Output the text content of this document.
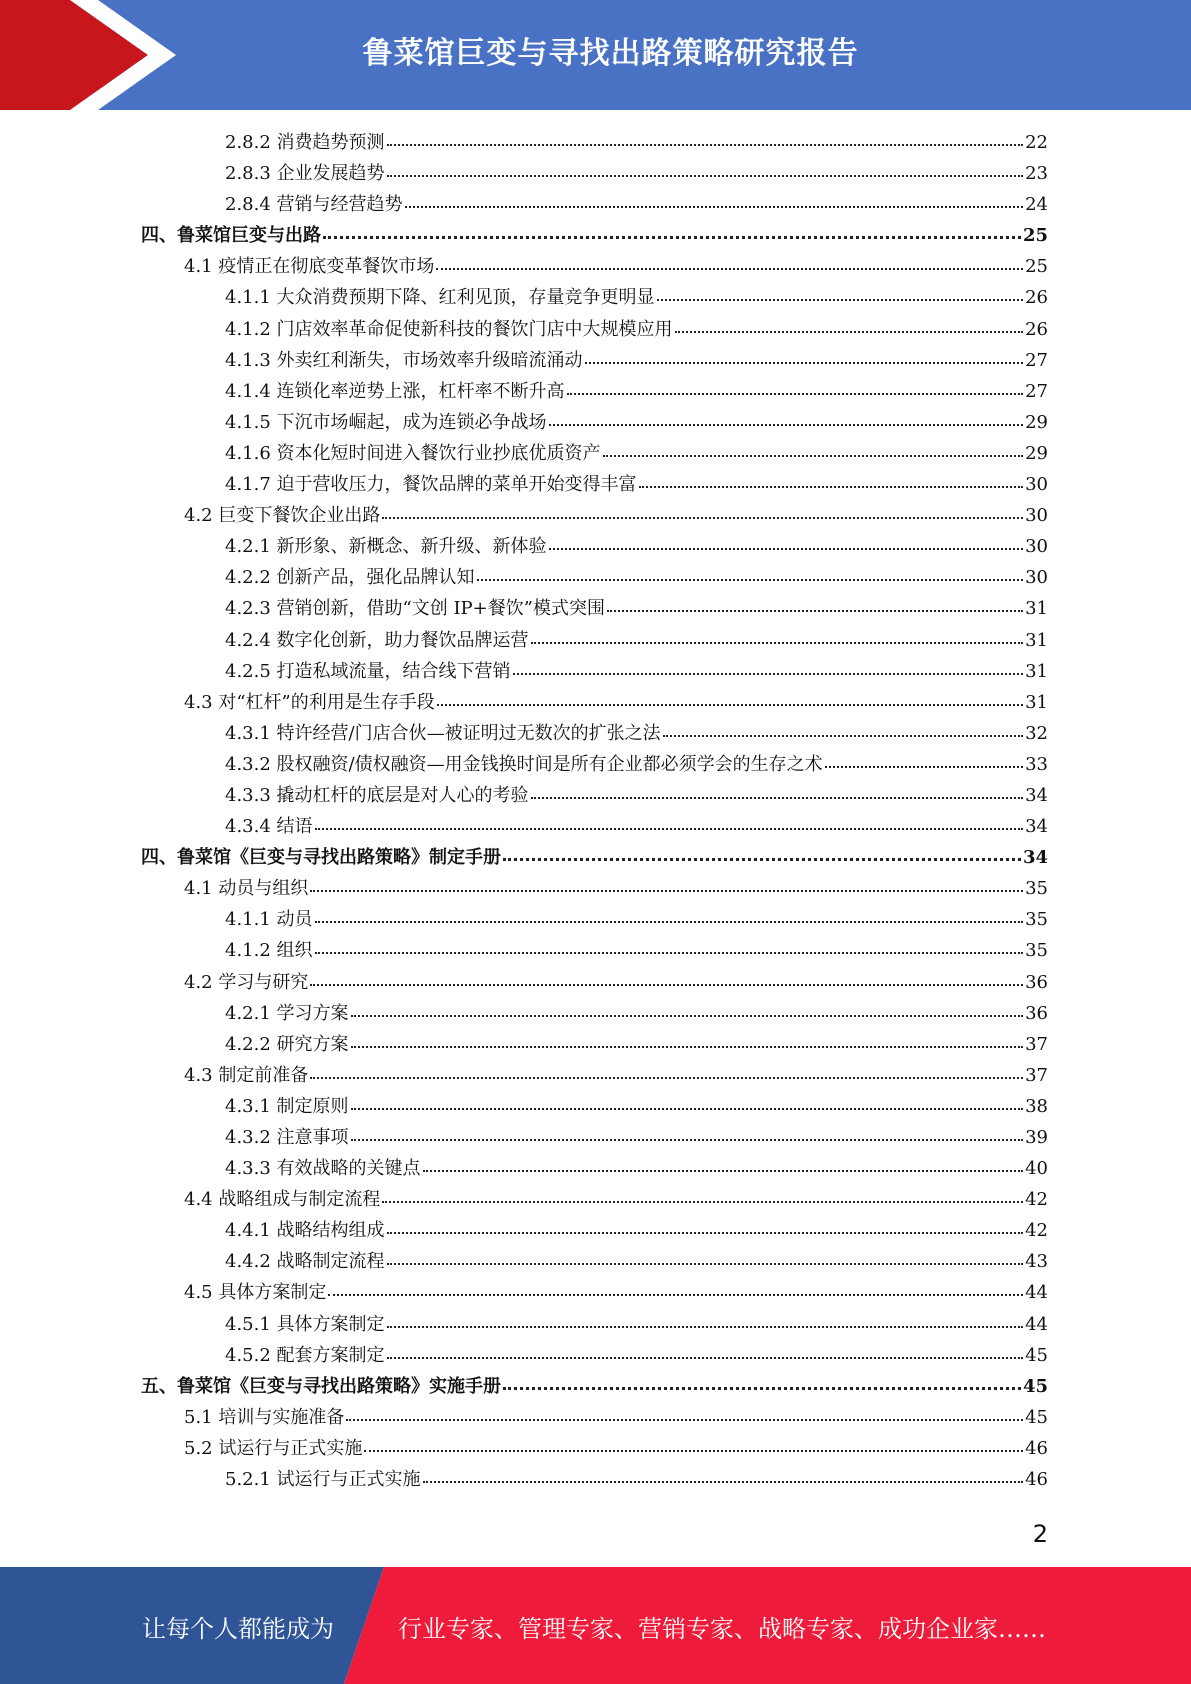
鲁菜馆巨变与寻找出路策略研究报告
2.8.2 消费趋势预测	22
2.8.3 企业发展趋势	23
2.8.4 营销与经营趋势	24
四、鲁菜馆巨变与出路	25
4.1 疫情正在彻底变革餐饮市场	25
4.1.1 大众消费预期下降、红利见顶，存量竞争更明显	26
4.1.2 门店效率革命促使新科技的餐饮门店中大规模应用	26
4.1.3 外卖红利渐失，市场效率升级暗流涌动	27
4.1.4 连锁化率逆势上涨，杠杆率不断升高	27
4.1.5 下沉市场崛起，成为连锁必争战场	29
4.1.6 资本化短时间进入餐饮行业抄底优质资产	29
4.1.7 迫于营收压力，餐饮品牌的菜单开始变得丰富	30
4.2 巨变下餐饮企业出路	30
4.2.1 新形象、新概念、新升级、新体验	30
4.2.2 创新产品，强化品牌认知	30
4.2.3 营销创新，借助“文创 IP+餐饮”模式突围	31
4.2.4 数字化创新，助力餐饮品牌运营	31
4.2.5 打造私域流量，结合线下营销	31
4.3 对“杠杆”的利用是生存手段	31
4.3.1 特许经营/门店合伙—被证明过无数次的扩张之法	32
4.3.2 股权融资/债权融资—用金钱换时间是所有企业都必须学会的生存之术	33
4.3.3 撬动杠杆的底层是对人心的考验	34
4.3.4 结语	34
四、鲁菜馆《巨变与寻找出路策略》制定手册	34
4.1 动员与组织	35
4.1.1 动员	35
4.1.2 组织	35
4.2 学习与研究	36
4.2.1 学习方案	36
4.2.2 研究方案	37
4.3 制定前准备	37
4.3.1 制定原则	38
4.3.2 注意事项	39
4.3.3 有效战略的关键点	40
4.4 战略组成与制定流程	42
4.4.1 战略结构组成	42
4.4.2 战略制定流程	43
4.5 具体方案制定	44
4.5.1 具体方案制定	44
4.5.2 配套方案制定	45
五、鲁菜馆《巨变与寻找出路策略》实施手册	45
5.1 培训与实施准备	45
5.2 试运行与正式实施	46
5.2.1 试运行与正式实施	46
2
让每个人都能成为	行业专家、管理专家、营销专家、战略专家、成功企业家……
